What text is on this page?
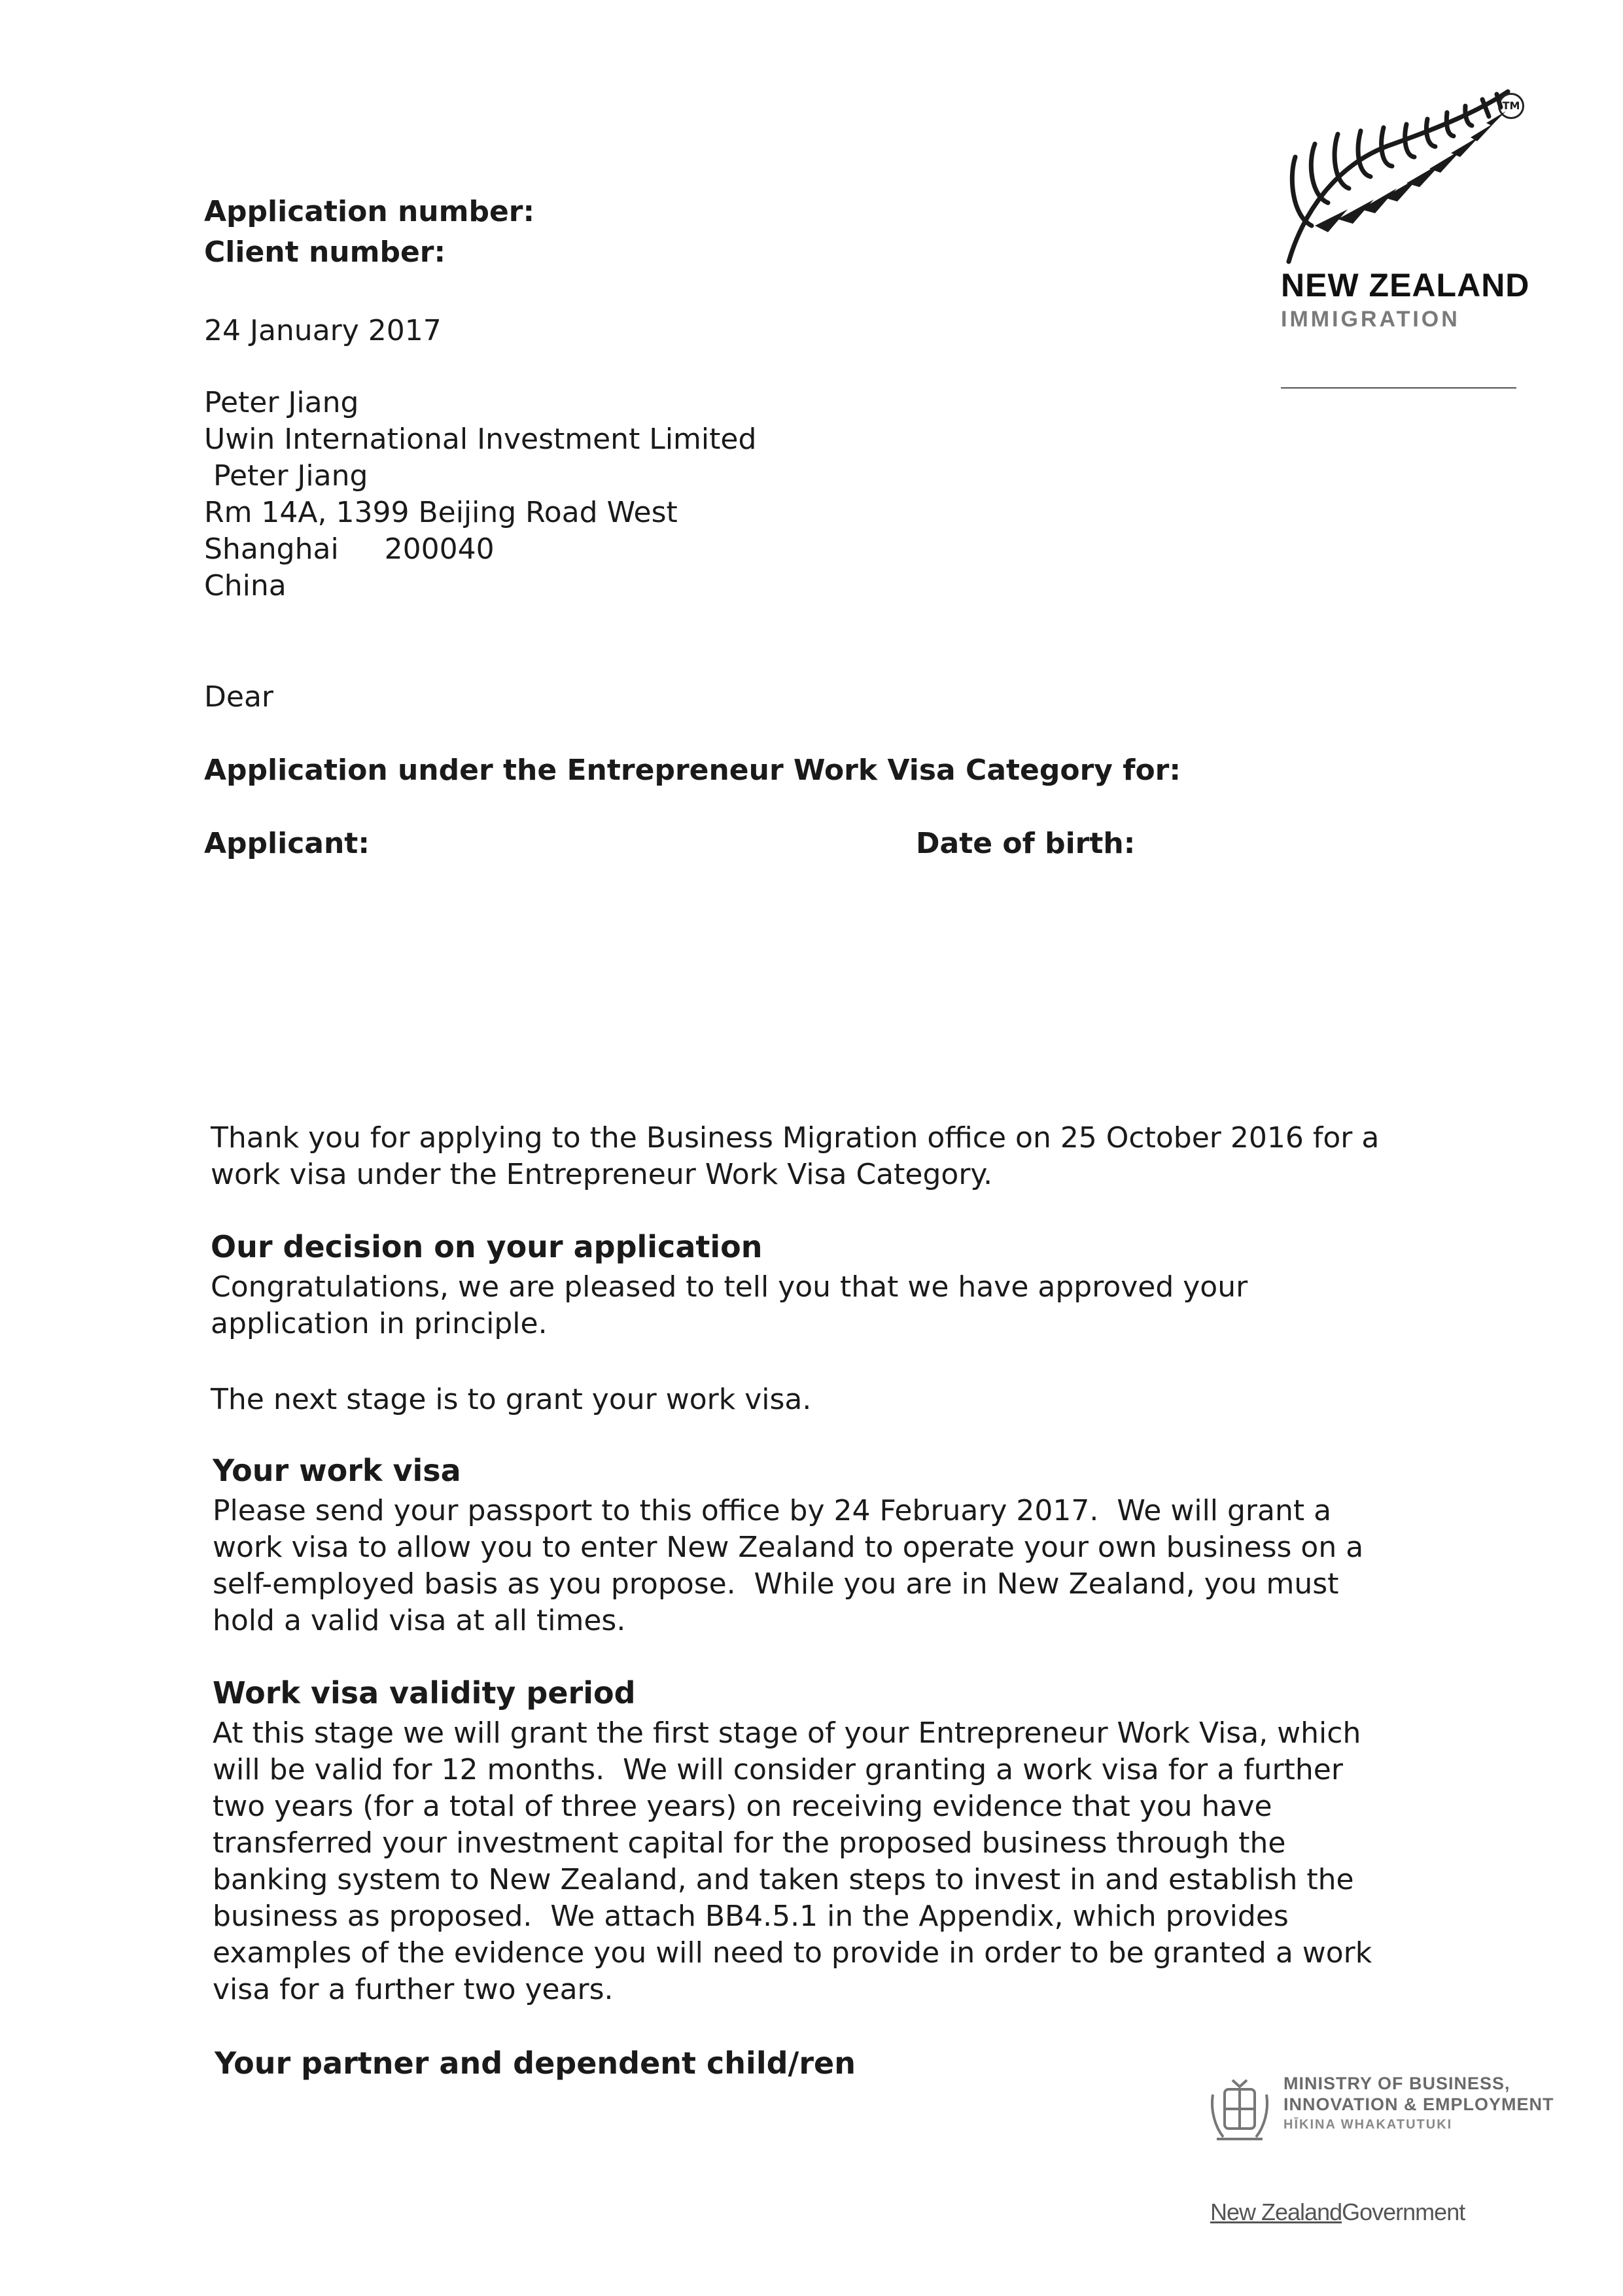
TM
NEW ZEALAND
IMMIGRATION
Application number:
Client number:
24 January 2017
Peter Jiang
Uwin International Investment Limited
Peter Jiang
Rm 14A, 1399 Beijing Road West
Shanghai     200040
China
Dear
Application under the Entrepreneur Work Visa Category for:
Applicant:	Date of birth:
Thank you for applying to the Business Migration office on 25 October 2016 for a
work visa under the Entrepreneur Work Visa Category.
Our decision on your application
Congratulations, we are pleased to tell you that we have approved your
application in principle.
The next stage is to grant your work visa.
Your work visa
Please send your passport to this office by 24 February 2017.  We will grant a
work visa to allow you to enter New Zealand to operate your own business on a
self-employed basis as you propose.  While you are in New Zealand, you must
hold a valid visa at all times.
Work visa validity period
At this stage we will grant the first stage of your Entrepreneur Work Visa, which
will be valid for 12 months.  We will consider granting a work visa for a further
two years (for a total of three years) on receiving evidence that you have
transferred your investment capital for the proposed business through the
banking system to New Zealand, and taken steps to invest in and establish the
business as proposed.  We attach BB4.5.1 in the Appendix, which provides
examples of the evidence you will need to provide in order to be granted a work
visa for a further two years.
Your partner and dependent child/ren
MINISTRY OF BUSINESS,
INNOVATION & EMPLOYMENT
HĪKINA WHAKATUTUKI
New ZealandGovernment
